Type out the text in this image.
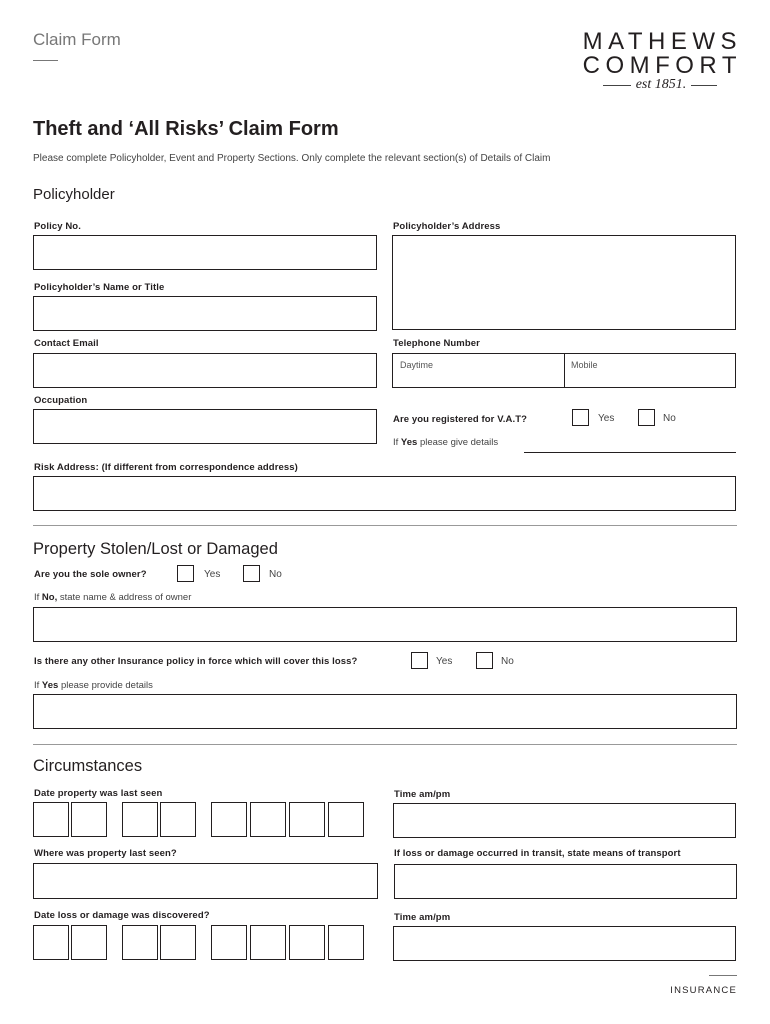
Claim Form	MATHEWS
COMFORT
est 1851.
Theft and ‘All Risks’ Claim Form
Please complete Policyholder, Event and Property Sections. Only complete the relevant section(s) of Details of Claim
Policyholder
Policy No.	Policyholder’s Address
Policyholder’s Name or Title
Contact Email	Telephone Number
Daytime	Mobile
Occupation
Are you registered for V.A.T?	Yes	No
If Yes please give details
Risk Address: (If different from correspondence address)
Property Stolen/Lost or Damaged
Are you the sole owner?	Yes	No
If No, state name & address of owner
Is there any other Insurance policy in force which will cover this loss?	Yes	No
If Yes please provide details
Circumstances
Date property was last seen	Time am/pm
Where was property last seen?	If loss or damage occurred in transit, state means of transport
Date loss or damage was discovered?	Time am/pm
INSURANCE
